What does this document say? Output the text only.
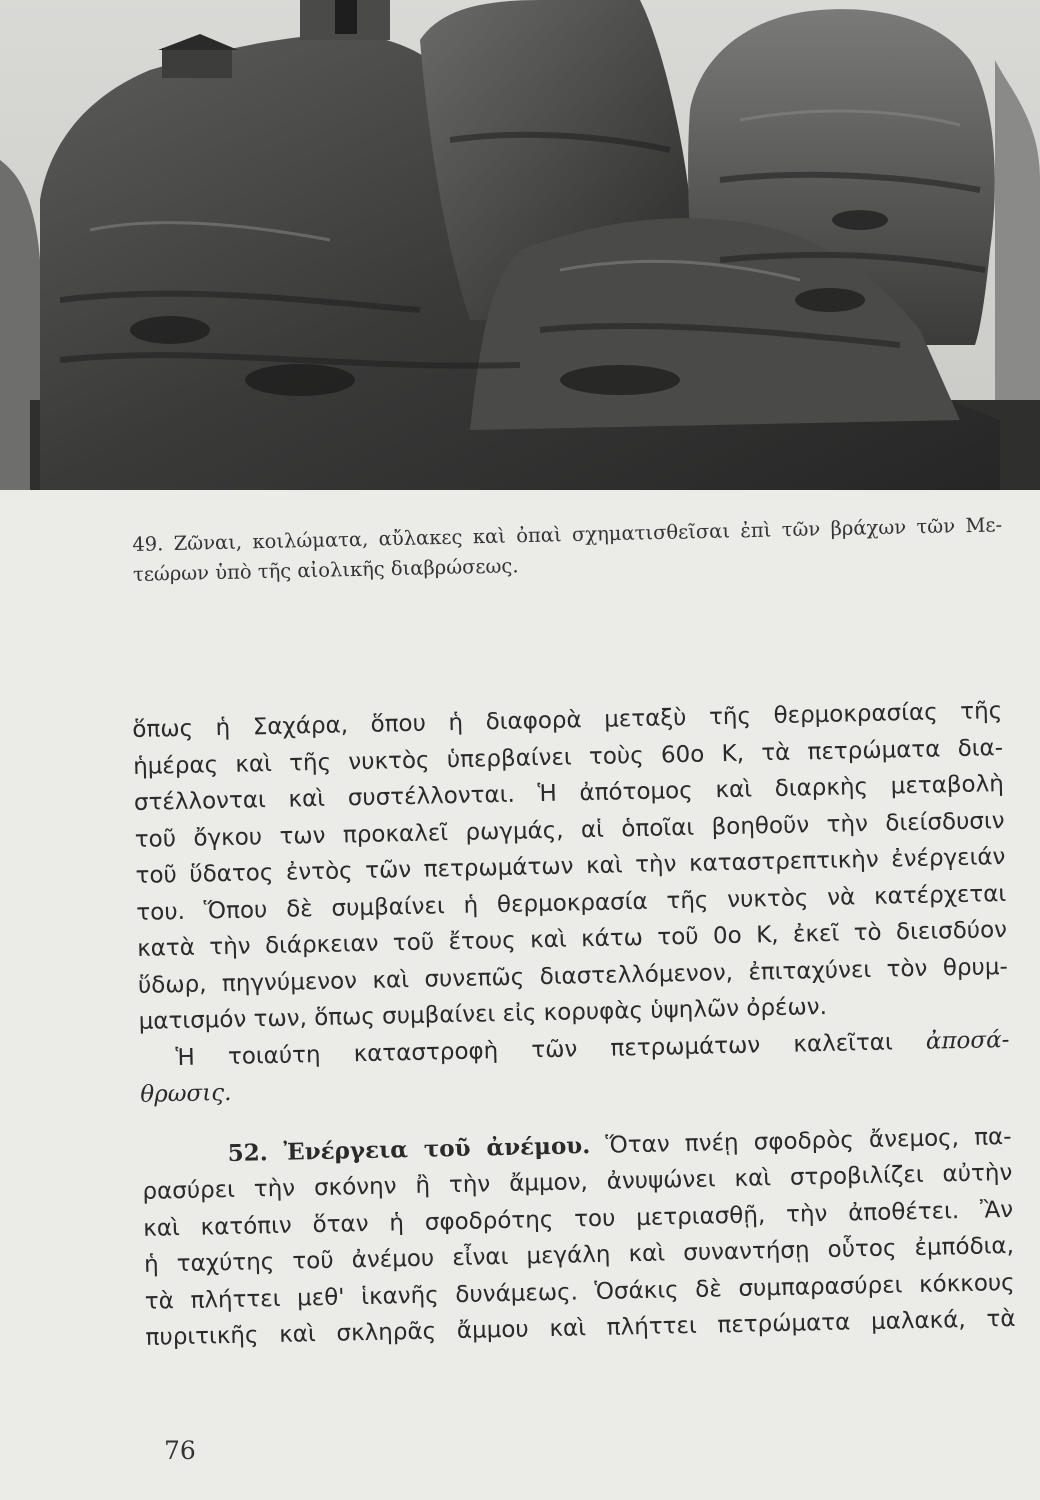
49. Ζῶναι, κοιλώματα, αὔλακες καὶ ὀπαὶ σχηματισθεῖσαι ἐπὶ τῶν βράχων τῶν Με-
τεώρων ὑπὸ τῆς αἰολικῆς διαβρώσεως.
ὅπως ἡ Σαχάρα, ὅπου ἡ διαφορὰ μεταξὺ τῆς θερμοκρασίας τῆς
ἡμέρας καὶ τῆς νυκτὸς ὑπερβαίνει τοὺς 60ο Κ, τὰ πετρώματα δια-
στέλλονται καὶ συστέλλονται. Ἡ ἀπότομος καὶ διαρκὴς μεταβολὴ
τοῦ ὄγκου των προκαλεῖ ρωγμάς, αἱ ὁποῖαι βοηθοῦν τὴν διείσδυσιν
τοῦ ὕδατος ἐντὸς τῶν πετρωμάτων καὶ τὴν καταστρεπτικὴν ἐνέργειάν
του. Ὅπου δὲ συμβαίνει ἡ θερμοκρασία τῆς νυκτὸς νὰ κατέρχεται
κατὰ τὴν διάρκειαν τοῦ ἔτους καὶ κάτω τοῦ 0ο Κ, ἐκεῖ τὸ διεισδύον
ὕδωρ, πηγνύμενον καὶ συνεπῶς διαστελλόμενον, ἐπιταχύνει τὸν θρυμ-
ματισμόν των, ὅπως συμβαίνει εἰς κορυφὰς ὑψηλῶν ὀρέων.
Ἡ τοιαύτη καταστροφὴ τῶν πετρωμάτων καλεῖται ἀποσά-
θρωσις.
52. Ἐνέργεια τοῦ ἀνέμου. Ὅταν πνέῃ σφοδρὸς ἄνεμος, πα-
ρασύρει τὴν σκόνην ἢ τὴν ἄμμον, ἀνυψώνει καὶ στροβιλίζει αὐτὴν
καὶ κατόπιν ὅταν ἡ σφοδρότης του μετριασθῇ, τὴν ἀποθέτει. Ἂν
ἡ ταχύτης τοῦ ἀνέμου εἶναι μεγάλη καὶ συναντήσῃ οὗτος ἐμπόδια,
τὰ πλήττει μεθ' ἱκανῆς δυνάμεως. Ὁσάκις δὲ συμπαρασύρει κόκκους
πυριτικῆς καὶ σκληρᾶς ἄμμου καὶ πλήττει πετρώματα μαλακά, τὰ
76
